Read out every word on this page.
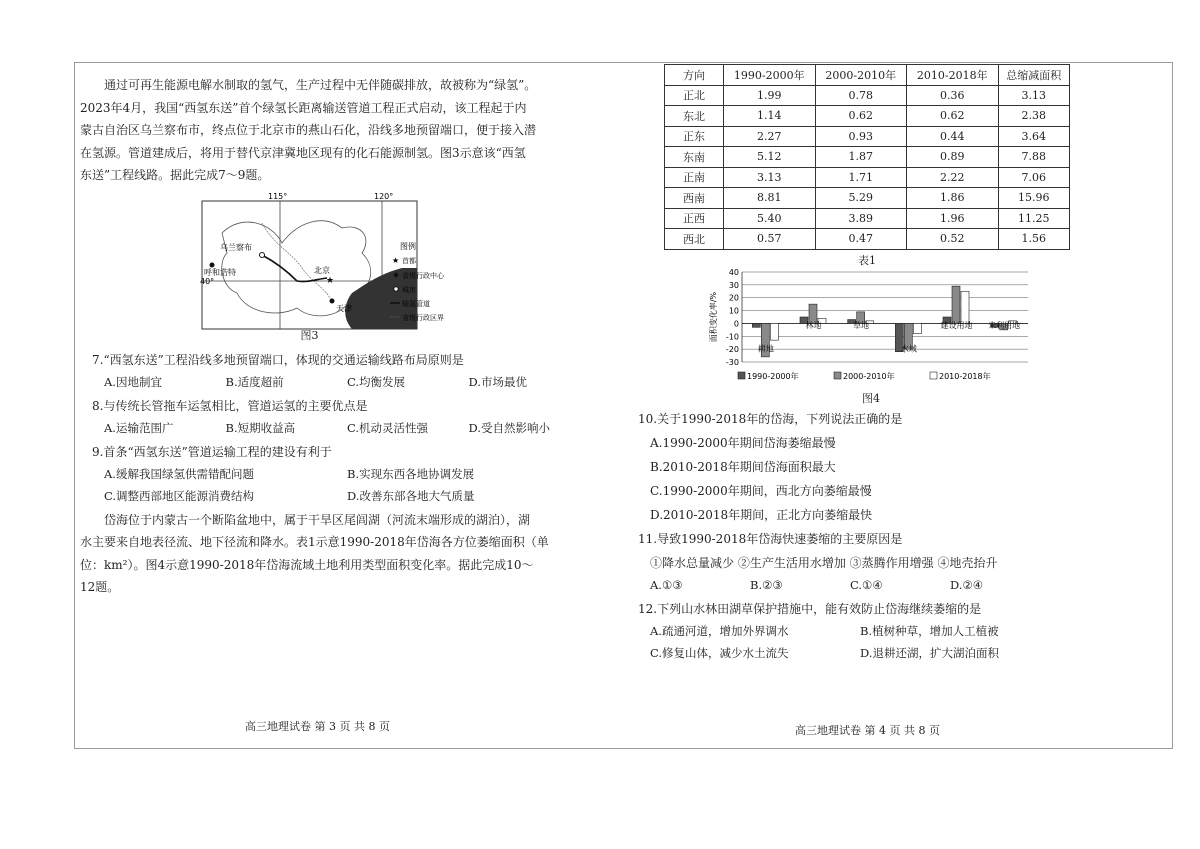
通过可再生能源电解水制取的氢气，生产过程中无伴随碳排放，故被称为“绿氢”。

2023年4月，我国“西氢东送”首个绿氢长距离输送管道工程正式启动，该工程起于内

蒙古自治区乌兰察布市，终点位于北京市的燕山石化，沿线多地预留端口，便于接入潜

在氢源。管道建成后，将用于替代京津冀地区现有的化石能源制氢。图3示意该“西氢

东送”工程线路。据此完成7～9题。

★
115°	120°
40°
乌兰察布
呼和浩特	北京
天津
图例
★ 首都
省级行政中心
城市
输氢管道
省级行政区界
图3

7.“西氢东送”工程沿线多地预留端口，体现的交通运输线路布局原则是

A.因地制宜	B.适度超前	C.均衡发展	D.市场最优

8.与传统长管拖车运氢相比，管道运氢的主要优点是

A.运输范围广	B.短期收益高	C.机动灵活性强	D.受自然影响小

9.首条“西氢东送”管道运输工程的建设有利于

A.缓解我国绿氢供需错配问题	B.实现东西各地协调发展
C.调整西部地区能源消费结构	D.改善东部各地大气质量

岱海位于内蒙古一个断陷盆地中，属于干旱区尾闾湖（河流末端形成的湖泊），湖

水主要来自地表径流、地下径流和降水。表1示意1990-2018年岱海各方位萎缩面积（单

位：km²）。图4示意1990-2018年岱海流域土地利用类型面积变化率。据此完成10～

12题。

高三地理试卷 第 3 页 共 8 页
方向	1990-2000年	2000-2010年	2010-2018年	总缩减面积
正北	1.99	0.78	0.36	3.13
东北	1.14	0.62	0.62	2.38
正东	2.27	0.93	0.44	3.64
东南	5.12	1.87	0.89	7.88
正南	3.13	1.71	2.22	7.06
西南	8.81	5.29	1.86	15.96
正西	5.40	3.89	1.96	11.25
西北	0.57	0.47	0.52	1.56
表1
40
30
20
10
0
-10
-20
-30
面积变化率/%
耕地
林地	草地
水域
建设用地 未利用地
1990-2000年	2000-2010年	2010-2018年
图4

10.关于1990-2018年的岱海，下列说法正确的是

A.1990-2000年期间岱海萎缩最慢

B.2010-2018年期间岱海面积最大

C.1990-2000年期间，西北方向萎缩最慢

D.2010-2018年期间，正北方向萎缩最快

11.导致1990-2018年岱海快速萎缩的主要原因是

①降水总量减少 ②生产生活用水增加 ③蒸腾作用增强 ④地壳抬升

A.①③	B.②③	C.①④	D.②④

12.下列山水林田湖草保护措施中，能有效防止岱海继续萎缩的是

A.疏通河道，增加外界调水	B.植树种草，增加人工植被
C.修复山体，减少水土流失	D.退耕还湖，扩大湖泊面积
高三地理试卷 第 4 页 共 8 页
